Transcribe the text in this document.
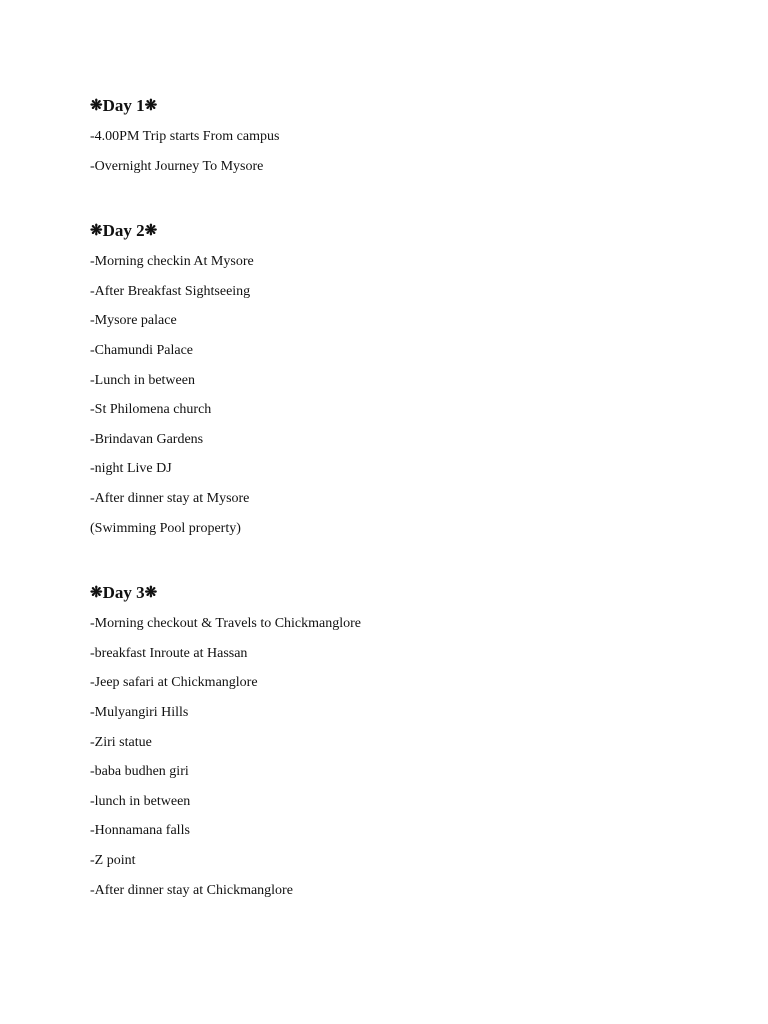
❋Day 1❋
-4.00PM Trip starts From campus
-Overnight Journey To Mysore
❋Day 2❋
-Morning checkin At Mysore
-After Breakfast Sightseeing
-Mysore palace
-Chamundi Palace
-Lunch in between
-St Philomena church
-Brindavan Gardens
-night Live DJ
-After dinner stay at Mysore
(Swimming Pool property)
❋Day 3❋
-Morning checkout & Travels to Chickmanglore
-breakfast Inroute at Hassan
-Jeep safari at Chickmanglore
-Mulyangiri Hills
-Ziri statue
-baba budhen giri
-lunch in between
-Honnamana falls
-Z point
-After dinner stay at Chickmanglore
